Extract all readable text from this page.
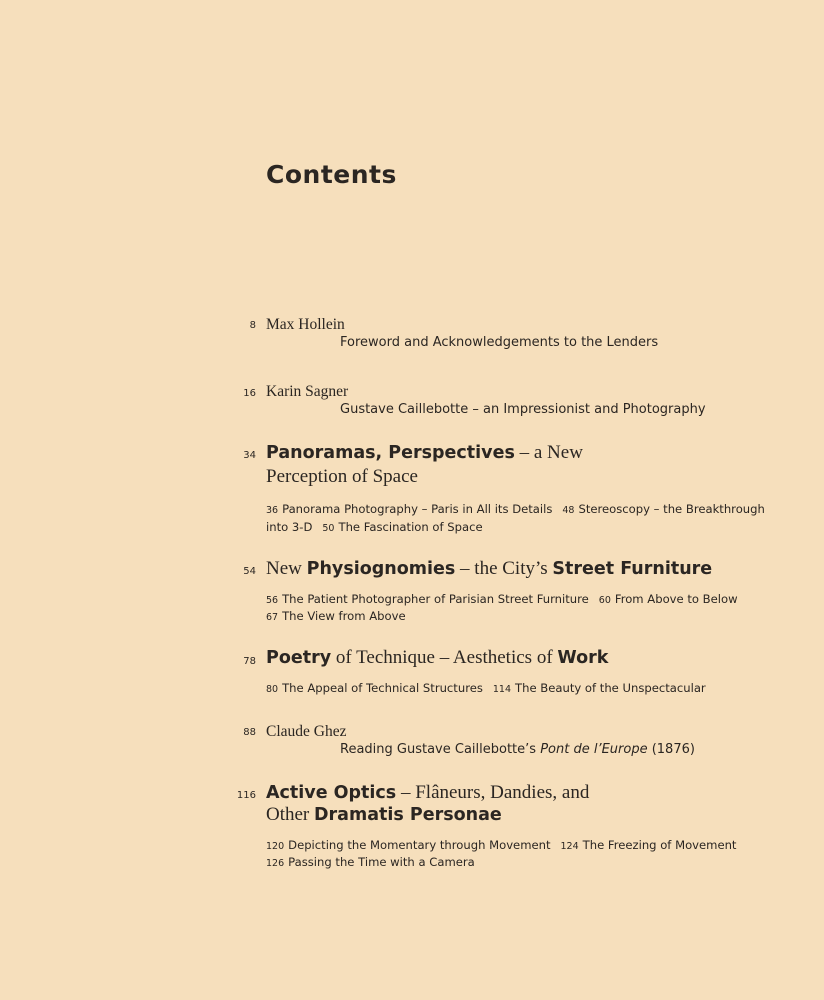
Contents
8 Max Hollein
Foreword and Acknowledgements to the Lenders
16 Karin Sagner
Gustave Caillebotte – an Impressionist and Photography
34 Panoramas, Perspectives – a New
Perception of Space
36 Panorama Photography – Paris in All its Details 48 Stereoscopy – the Breakthrough
into 3-D 50 The Fascination of Space
54 New Physiognomies – the City’s Street Furniture
56 The Patient Photographer of Parisian Street Furniture 60 From Above to Below
67 The View from Above
78 Poetry of Technique – Aesthetics of Work
80 The Appeal of Technical Structures 114 The Beauty of the Unspectacular
88 Claude Ghez
Reading Gustave Caillebotte’s Pont de l’Europe (1876)
116 Active Optics – Flâneurs, Dandies, and
Other Dramatis Personae
120 Depicting the Momentary through Movement 124 The Freezing of Movement
126 Passing the Time with a Camera
